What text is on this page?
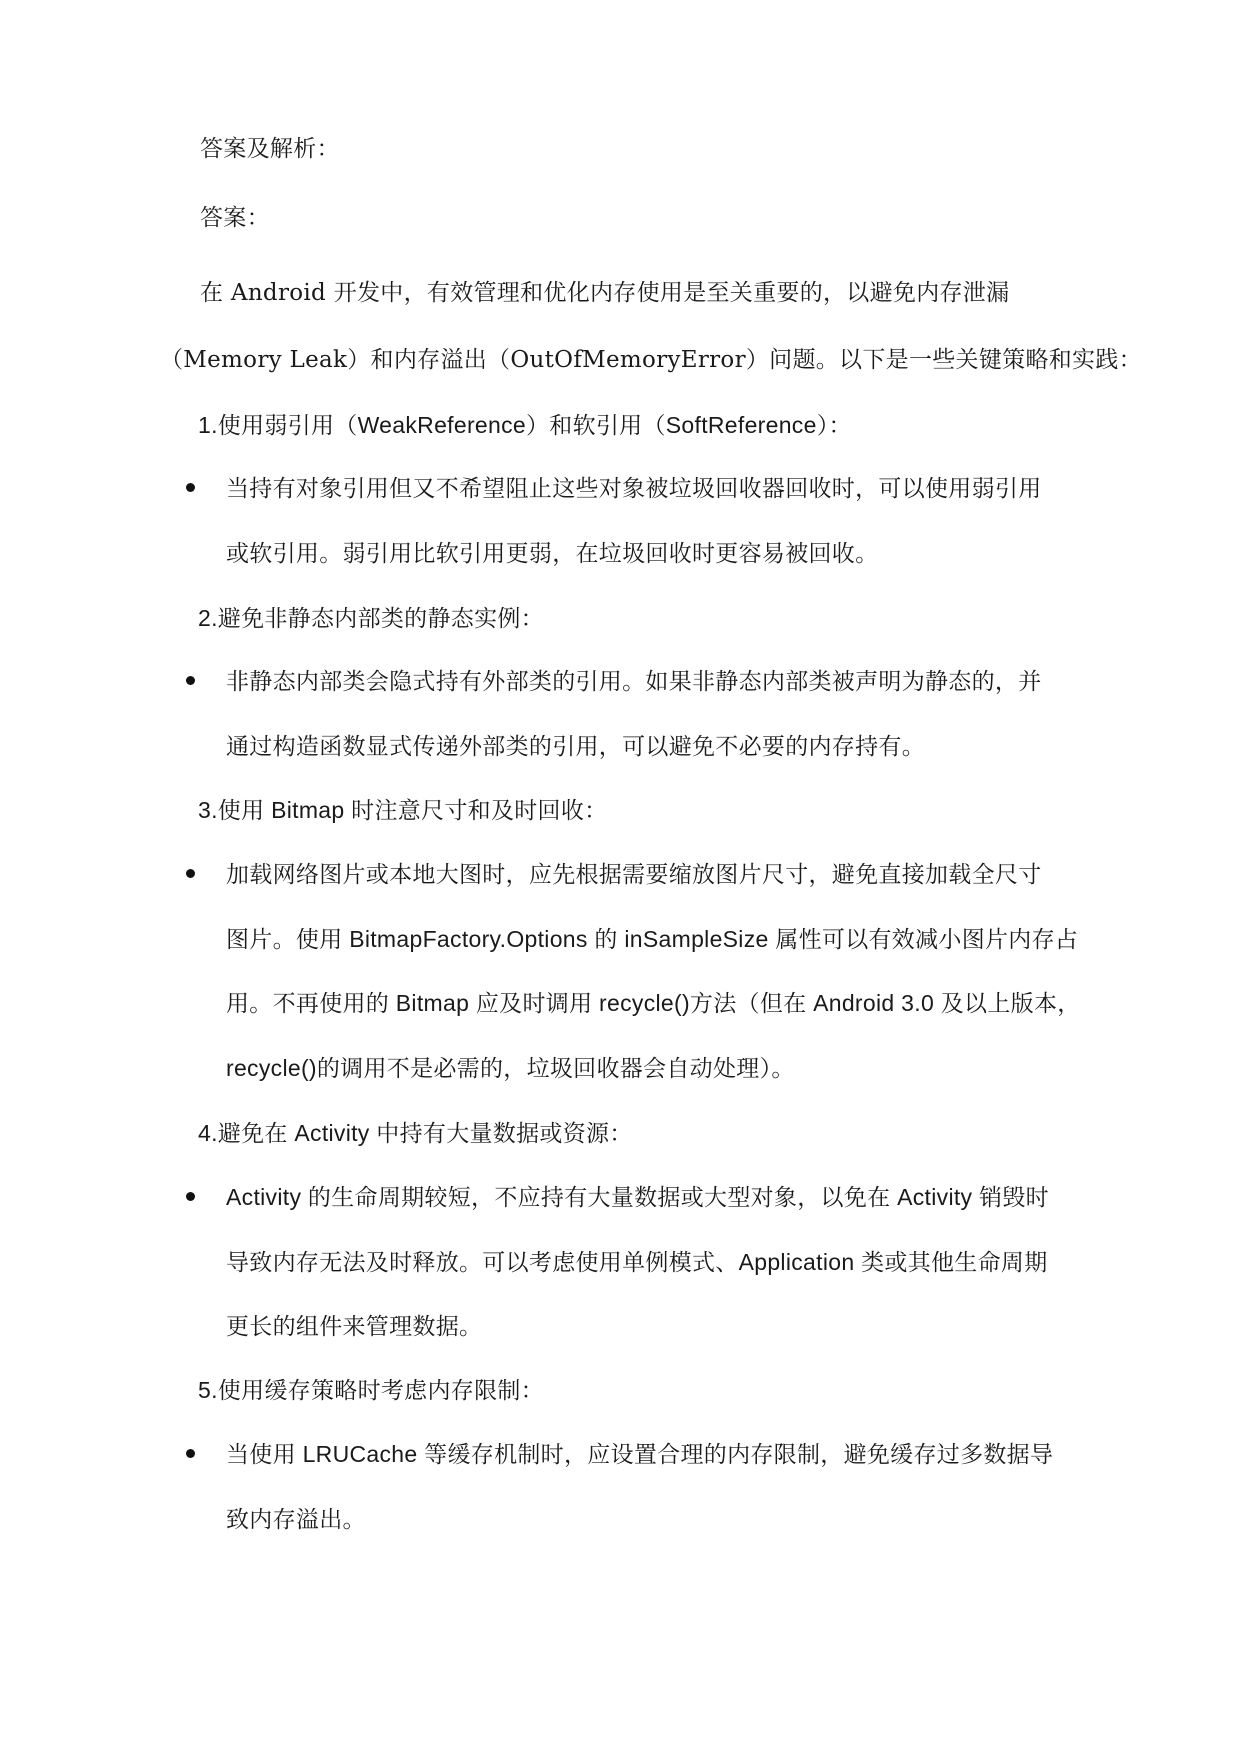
答案及解析：
答案：
在 Android 开发中，有效管理和优化内存使用是至关重要的，以避免内存泄漏
（Memory Leak）和内存溢出（OutOfMemoryError）问题。以下是一些关键策略和实践：
1.使用弱引用（WeakReference）和软引用（SoftReference）：
当持有对象引用但又不希望阻止这些对象被垃圾回收器回收时，可以使用弱引用
或软引用。弱引用比软引用更弱，在垃圾回收时更容易被回收。
2.避免非静态内部类的静态实例：
非静态内部类会隐式持有外部类的引用。如果非静态内部类被声明为静态的，并
通过构造函数显式传递外部类的引用，可以避免不必要的内存持有。
3.使用 Bitmap 时注意尺寸和及时回收：
加载网络图片或本地大图时，应先根据需要缩放图片尺寸，避免直接加载全尺寸
图片。使用 BitmapFactory.Options 的 inSampleSize 属性可以有效减小图片内存占
用。不再使用的 Bitmap 应及时调用 recycle()方法（但在 Android 3.0 及以上版本，
recycle()的调用不是必需的，垃圾回收器会自动处理）。
4.避免在 Activity 中持有大量数据或资源：
Activity 的生命周期较短，不应持有大量数据或大型对象，以免在 Activity 销毁时
导致内存无法及时释放。可以考虑使用单例模式、Application 类或其他生命周期
更长的组件来管理数据。
5.使用缓存策略时考虑内存限制：
当使用 LRUCache 等缓存机制时，应设置合理的内存限制，避免缓存过多数据导
致内存溢出。
